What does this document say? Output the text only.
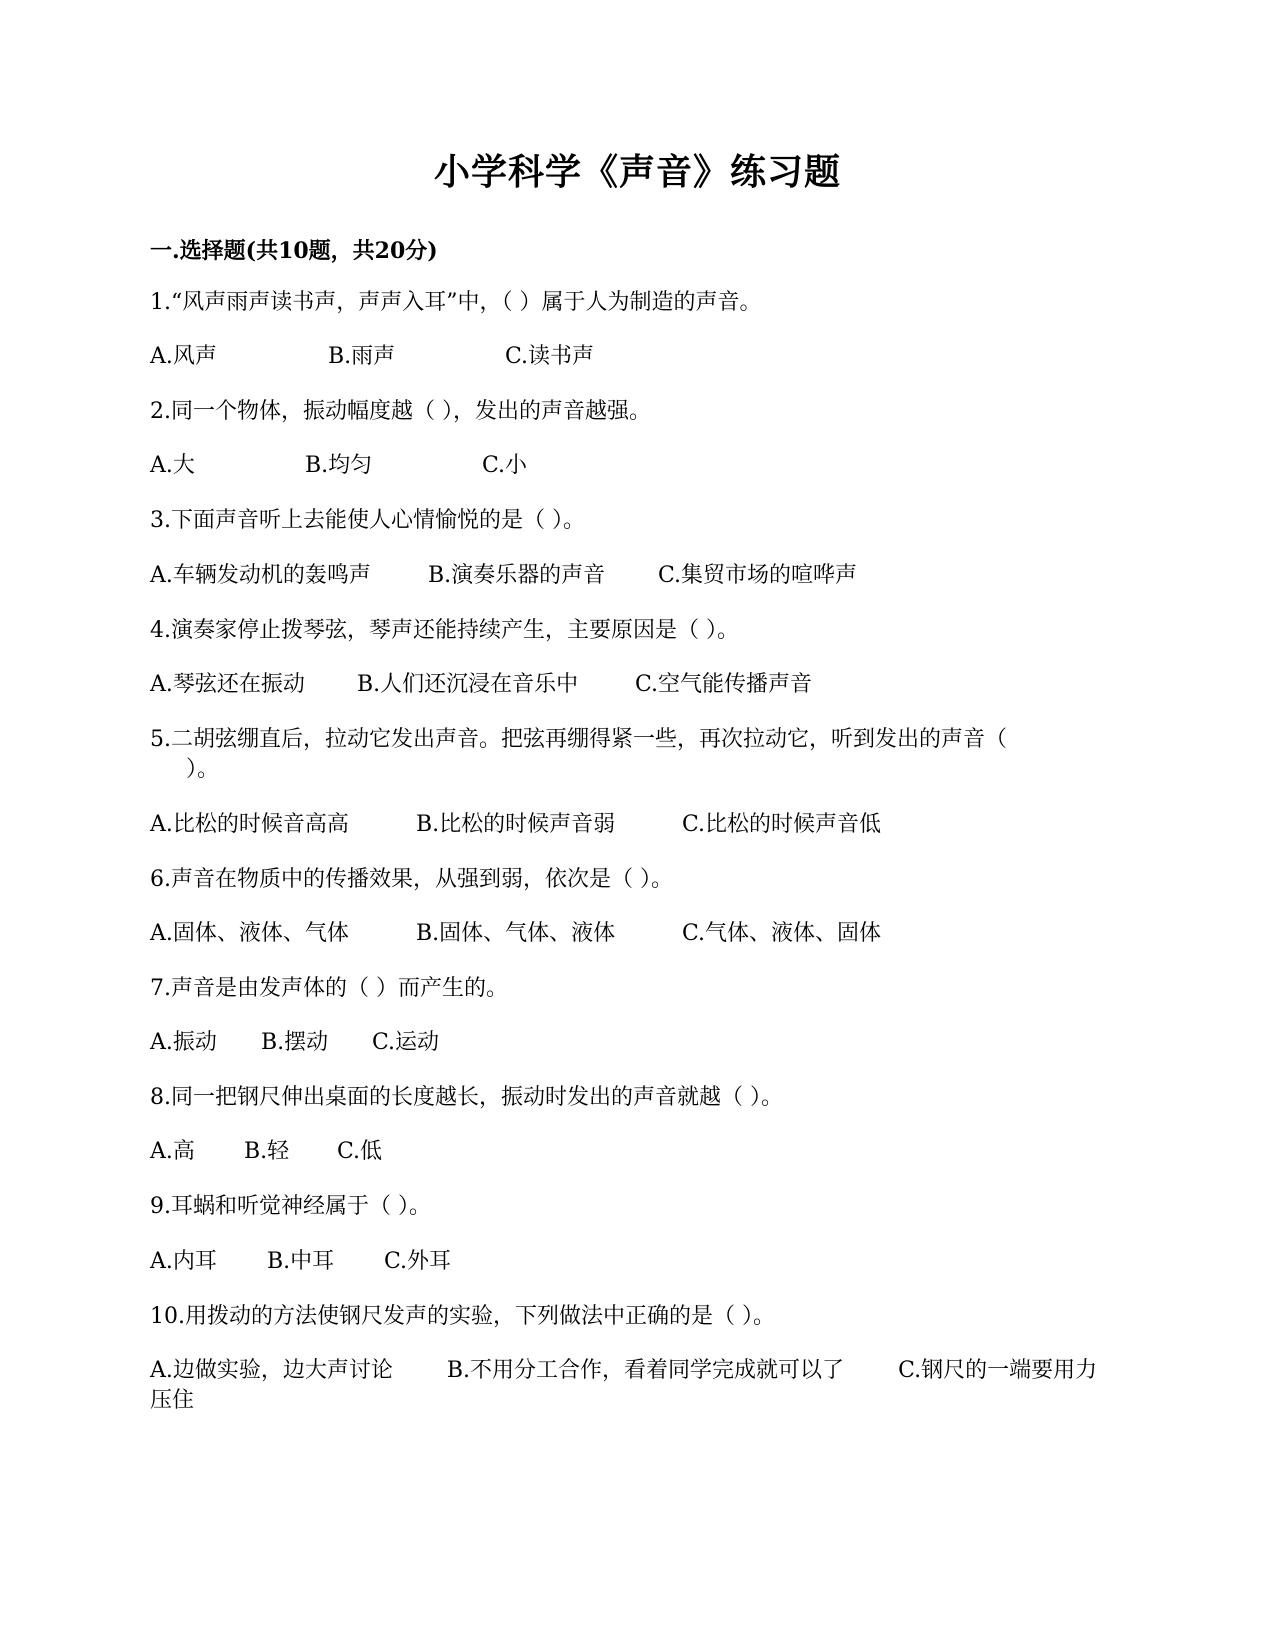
小学科学《声音》练习题
一.选择题(共10题，共20分)
1.“风声雨声读书声，声声入耳”中，（ ）属于人为制造的声音。
A.风声	B.雨声	C.读书声
2.同一个物体，振动幅度越（ ），发出的声音越强。
A.大	B.均匀	C.小
3.下面声音听上去能使人心情愉悦的是（ ）。
A.车辆发动机的轰鸣声	B.演奏乐器的声音 C.集贸市场的喧哗声
4.演奏家停止拨琴弦，琴声还能持续产生，主要原因是（ ）。
A.琴弦还在振动 B.人们还沉浸在音乐中	C.空气能传播声音
5.二胡弦绷直后，拉动它发出声音。把弦再绷得紧一些，再次拉动它，听到发出的声音（
）。
A.比松的时候音高高	B.比松的时候声音弱	C.比松的时候声音低
6.声音在物质中的传播效果，从强到弱，依次是（ ）。
A.固体、液体、气体	B.固体、气体、液体	C.气体、液体、固体
7.声音是由发声体的（ ）而产生的。
A.振动 B.摆动 C.运动
8.同一把钢尺伸出桌面的长度越长，振动时发出的声音就越（ ）。
A.高 B.轻 C.低
9.耳蜗和听觉神经属于（ ）。
A.内耳 B.中耳 C.外耳
10.用拨动的方法使钢尺发声的实验，下列做法中正确的是（ ）。
A.边做实验，边大声讨论 B.不用分工合作，看着同学完成就可以了 C.钢尺的一端要用力压住
